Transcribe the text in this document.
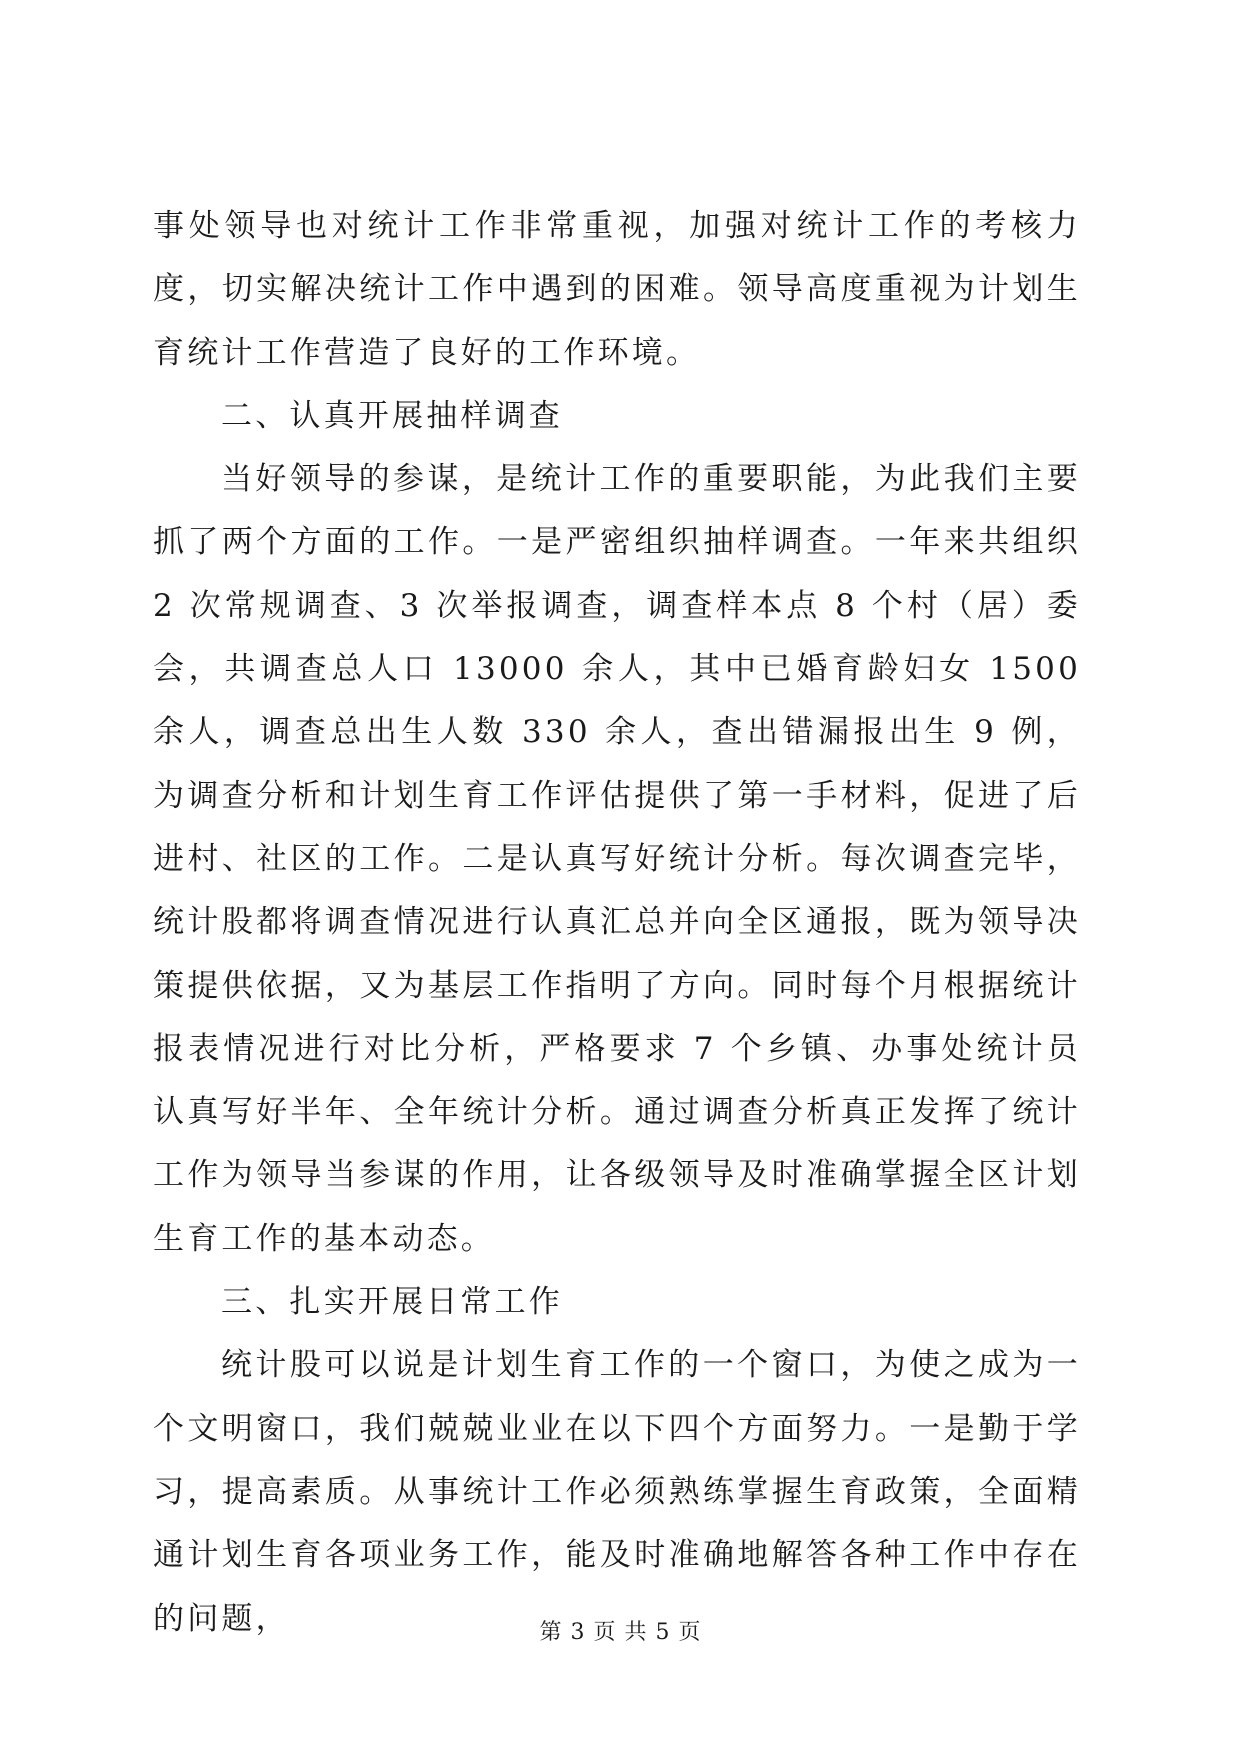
事处领导也对统计工作非常重视，加强对统计工作的考核力度，切实解决统计工作中遇到的困难。领导高度重视为计划生育统计工作营造了良好的工作环境。

二、认真开展抽样调查

当好领导的参谋，是统计工作的重要职能，为此我们主要抓了两个方面的工作。一是严密组织抽样调查。一年来共组织 2 次常规调查、3 次举报调查，调查样本点 8 个村（居）委会，共调查总人口 13000 余人，其中已婚育龄妇女 1500 余人，调查总出生人数 330 余人，查出错漏报出生 9 例，为调查分析和计划生育工作评估提供了第一手材料，促进了后进村、社区的工作。二是认真写好统计分析。每次调查完毕，统计股都将调查情况进行认真汇总并向全区通报，既为领导决策提供依据，又为基层工作指明了方向。同时每个月根据统计报表情况进行对比分析，严格要求 7 个乡镇、办事处统计员认真写好半年、全年统计分析。通过调查分析真正发挥了统计工作为领导当参谋的作用，让各级领导及时准确掌握全区计划生育工作的基本动态。

三、扎实开展日常工作

统计股可以说是计划生育工作的一个窗口，为使之成为一个文明窗口，我们兢兢业业在以下四个方面努力。一是勤于学习，提高素质。从事统计工作必须熟练掌握生育政策，全面精通计划生育各项业务工作，能及时准确地解答各种工作中存在的问题，	第 3 页 共 5 页
